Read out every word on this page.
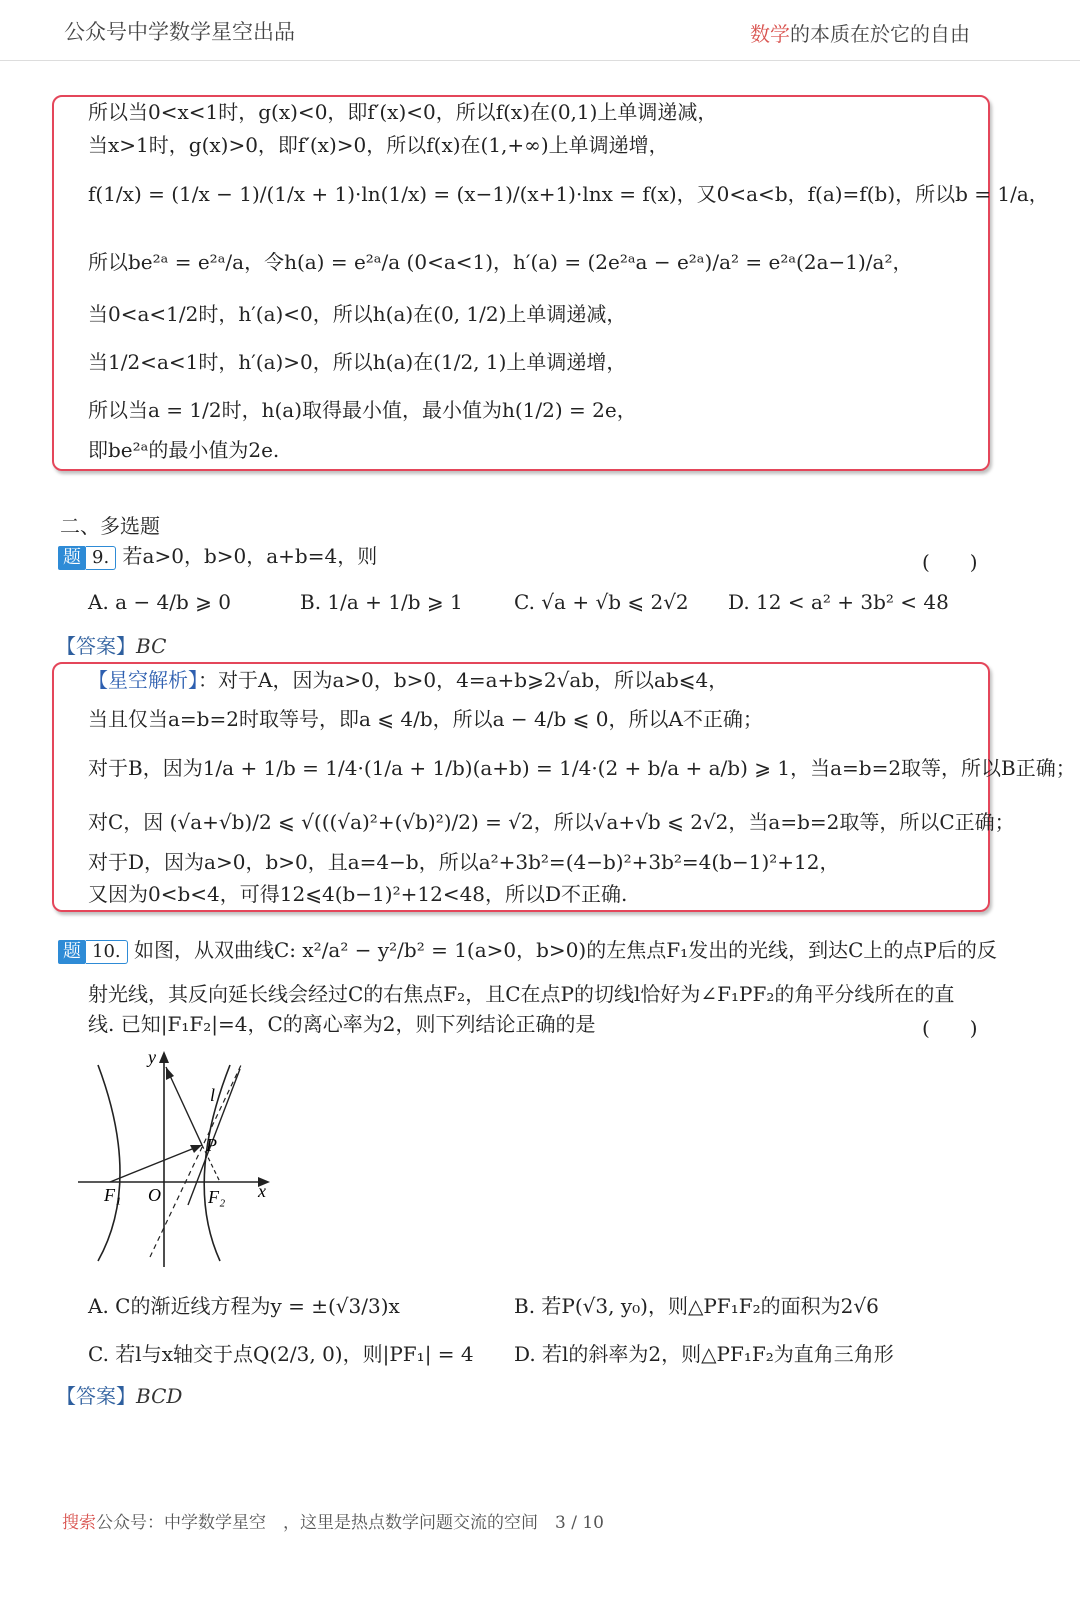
公众号中学数学星空出品	数学的本质在於它的自由
所以当0<x<1时，g(x)<0，即f′(x)<0，所以f(x)在(0,1)上单调递减，
当x>1时，g(x)>0，即f′(x)>0，所以f(x)在(1,+∞)上单调递增，
f(1/x) = (1/x − 1)/(1/x + 1)·ln(1/x) = (x−1)/(x+1)·lnx = f(x)，又0<a<b，f(a)=f(b)，所以b = 1/a，
所以be²ᵃ = e²ᵃ/a，令h(a) = e²ᵃ/a (0<a<1)，h′(a) = (2e²ᵃa − e²ᵃ)/a² = e²ᵃ(2a−1)/a²，
当0<a<1/2时，h′(a)<0，所以h(a)在(0, 1/2)上单调递减，
当1/2<a<1时，h′(a)>0，所以h(a)在(1/2, 1)上单调递增，
所以当a = 1/2时，h(a)取得最小值，最小值为h(1/2) = 2e，
即be²ᵃ的最小值为2e.
二、多选题
题 9. 若a>0，b>0，a+b=4，则	(　　)
A. a − 4/b ⩾ 0	B. 1/a + 1/b ⩾ 1	C. √a + √b ⩽ 2√2 D. 12 < a² + 3b² < 48
【答案】BC
【星空解析】：对于A，因为a>0，b>0，4=a+b⩾2√ab，所以ab⩽4，
当且仅当a=b=2时取等号，即a ⩽ 4/b，所以a − 4/b ⩽ 0，所以A不正确；
对于B，因为1/a + 1/b = 1/4·(1/a + 1/b)(a+b) = 1/4·(2 + b/a + a/b) ⩾ 1，当a=b=2取等，所以B正确；
对C，因 (√a+√b)/2 ⩽ √(((√a)²+(√b)²)/2) = √2，所以√a+√b ⩽ 2√2，当a=b=2取等，所以C正确；
对于D，因为a>0，b>0，且a=4−b，所以a²+3b²=(4−b)²+3b²=4(b−1)²+12，
又因为0<b<4，可得12⩽4(b−1)²+12<48，所以D不正确.
题 10. 如图，从双曲线C: x²/a² − y²/b² = 1(a>0，b>0)的左焦点F₁发出的光线，到达C上的点P后的反
射光线，其反向延长线会经过C的右焦点F₂，且C在点P的切线l恰好为∠F₁PF₂的角平分线所在的直
线. 已知|F₁F₂|=4，C的离心率为2，则下列结论正确的是	(　　)
y
x
O
F₁	F₂
P
l
A. C的渐近线方程为y = ±(√3/3)x	B. 若P(√3, y₀)，则△PF₁F₂的面积为2√6
C. 若l与x轴交于点Q(2/3, 0)，则|PF₁| = 4 D. 若l的斜率为2，则△PF₁F₂为直角三角形
【答案】BCD
搜索公众号：中学数学星空　，这里是热点数学问题交流的空间　 3 / 10
